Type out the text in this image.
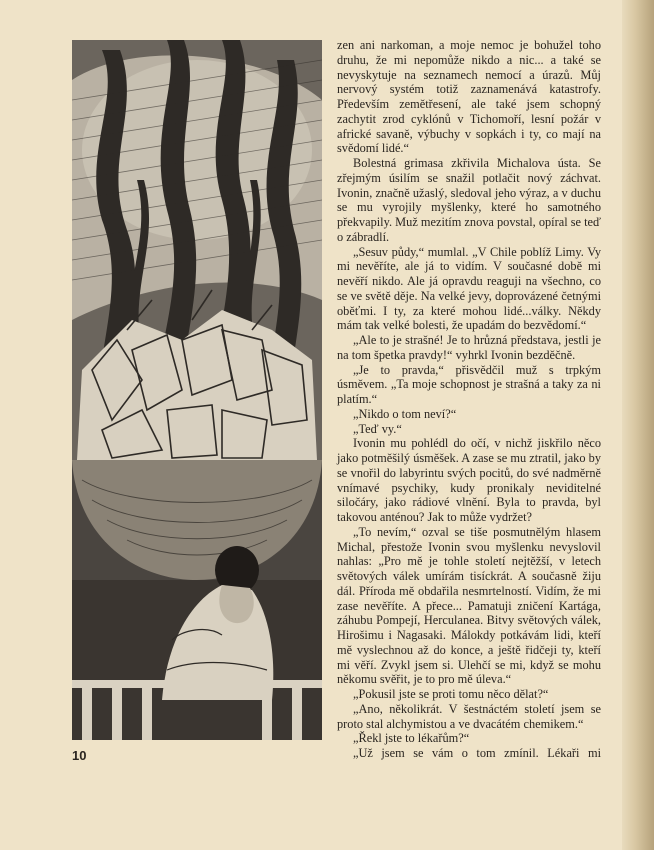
10

zen ani narkoman, a moje nemoc je bohužel toho druhu, že mi nepomůže nikdo a nic... a také se nevyskytuje na seznamech nemocí a úrazů. Můj nervový systém totiž zaznamenává katastrofy. Především zemětřesení, ale také jsem schopný zachytit zrod cyklónů v Tichomoří, lesní požár v africké savaně, výbuchy v sopkách i ty, co mají na svědomí lidé.“

Bolestná grimasa zkřivila Michalova ústa. Se zřejmým úsilím se snažil potlačit nový záchvat. Ivonin, značně užaslý, sledoval jeho výraz, a v duchu se mu vyrojily myšlenky, které ho samotného překvapily. Muž mezitím znova povstal, opíral se teď o zábradlí.

„Sesuv půdy,“ mumlal. „V Chile poblíž Limy. Vy mi nevěříte, ale já to vidím. V současné době mi nevěří nikdo. Ale já opravdu reaguji na všechno, co se ve světě děje. Na velké jevy, doprovázené četnými oběťmi. I ty, za které mohou lidé...války. Někdy mám tak velké bolesti, že upadám do bezvědomí.“

„Ale to je strašné! Je to hrůzná představa, jestli je na tom špetka pravdy!“ vyhrkl Ivonin bezděčně.

„Je to pravda,“ přisvědčil muž s trpkým úsměvem. „Ta moje schopnost je strašná a taky za ni platím.“

„Nikdo o tom neví?“

„Teď vy.“

Ivonin mu pohlédl do očí, v nichž jiskřilo něco jako potměšilý úsměšek. A zase se mu ztratil, jako by se vnořil do labyrintu svých pocitů, do své nadměrně vnímavé psychiky, kudy pronikaly neviditelné siločáry, jako rádiové vlnění. Byla to pravda, byl takovou anténou? Jak to může vydržet?

„To nevím,“ ozval se tiše posmutnělým hlasem Michal, přestože Ivonin svou myšlenku nevyslovil nahlas: „Pro mě je tohle století nejtěžší, v letech světových válek umírám tisíckrát. A současně žiju dál. Příroda mě obdařila nesmrtelností. Vidím, že mi zase nevěříte. A přece... Pamatuji zničení Kartága, záhubu Pompejí, Herculanea. Bitvy světových válek, Hirošimu i Nagasaki. Málokdy potkávám lidi, kteří mě vyslechnou až do konce, a ještě řidčeji ty, kteří mi věří. Zvykl jsem si. Ulehčí se mi, když se mohu někomu svěřit, je to pro mě úleva.“

„Pokusil jste se proti tomu něco dělat?“

„Ano, několikrát. V šestnáctém století jsem se proto stal alchymistou a ve dvacátém chemikem.“

„Řekl jste to lékařům?“

„Už jsem se vám o tom zmínil. Lékaři mi
